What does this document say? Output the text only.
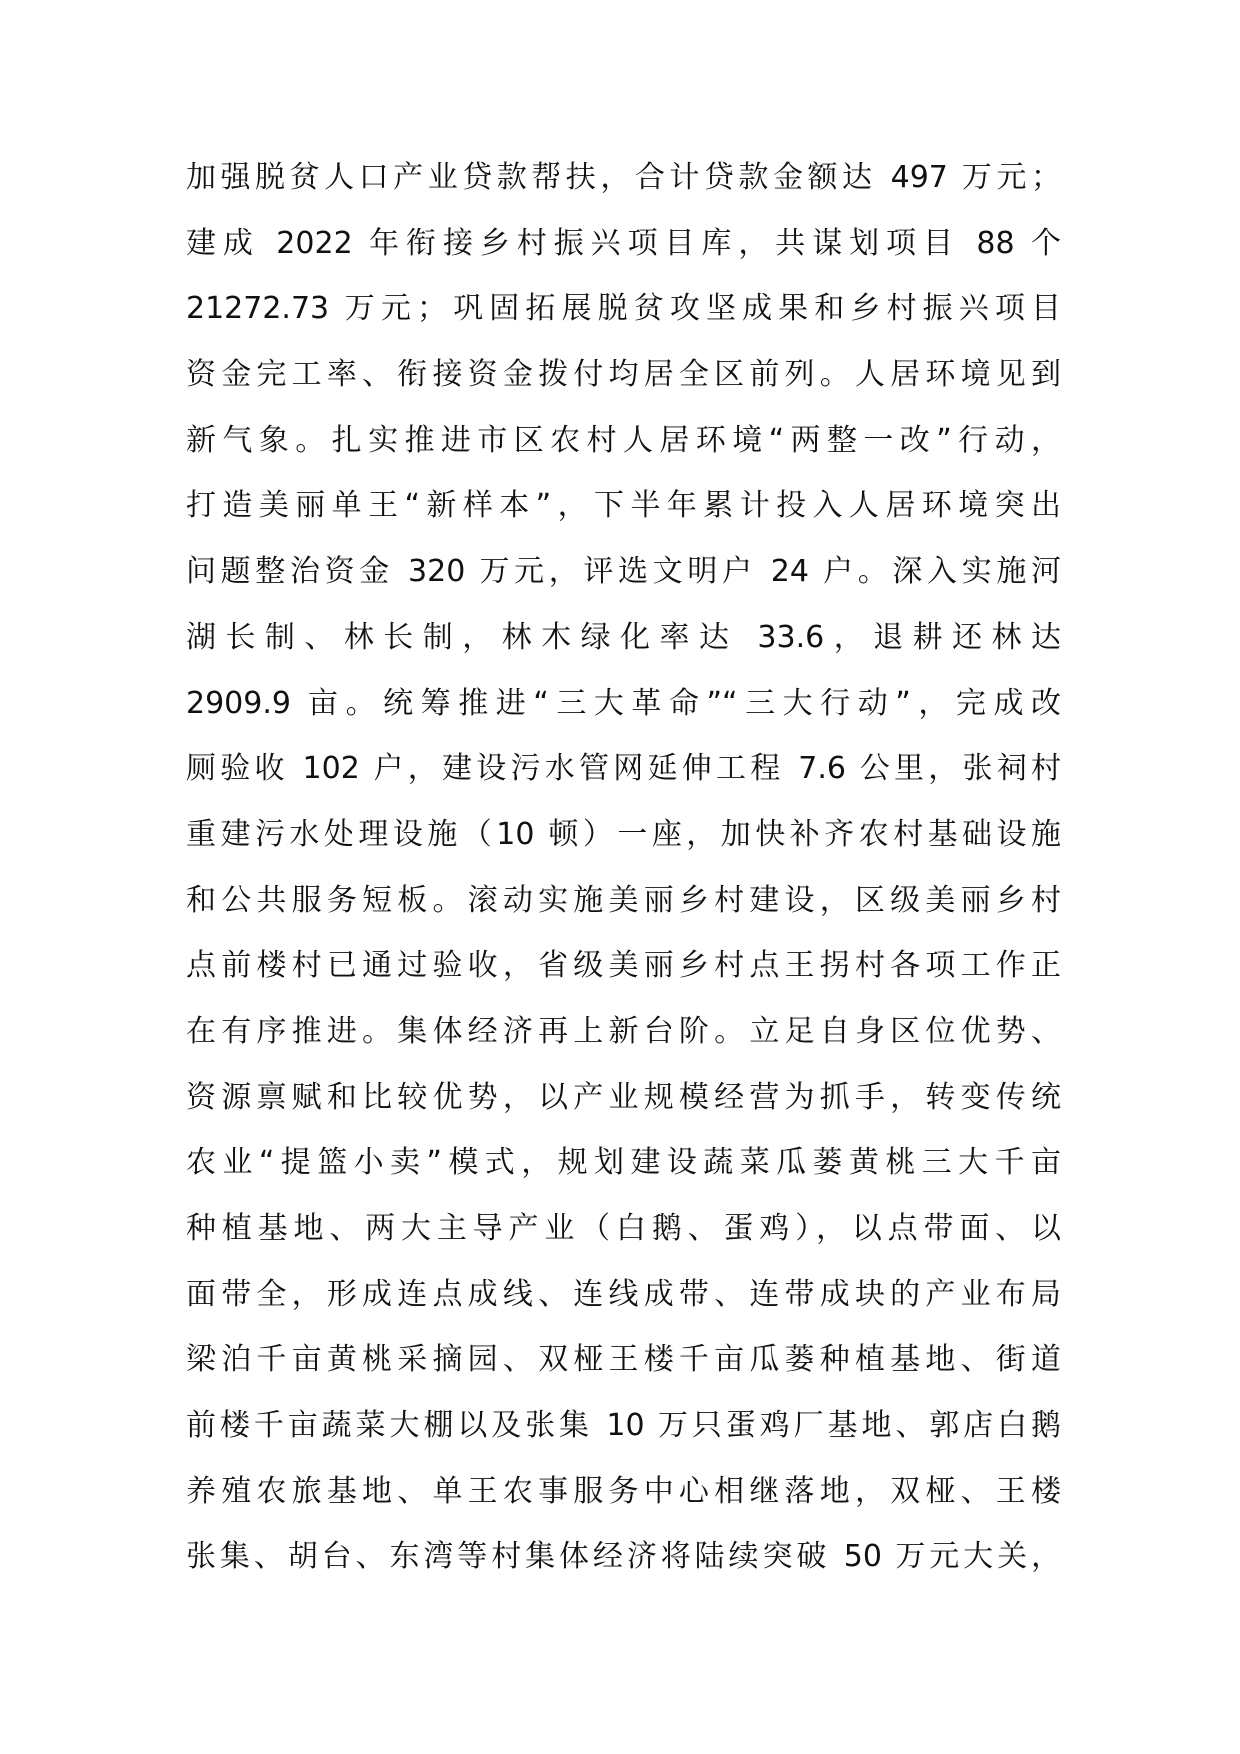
加强脱贫人口产业贷款帮扶，合计贷款金额达 497 万元；
建成 2022 年衔接乡村振兴项目库，共谋划项目 88 个
21272.73 万元；巩固拓展脱贫攻坚成果和乡村振兴项目
资金完工率、衔接资金拨付均居全区前列。人居环境见到
新气象。扎实推进市区农村人居环境“两整一改”行动，
打造美丽单王“新样本”，下半年累计投入人居环境突出
问题整治资金 320 万元，评选文明户 24 户。深入实施河
湖长制、林长制，林木绿化率达 33.6，退耕还林达
2909.9 亩。统筹推进“三大革命”“三大行动”，完成改
厕验收 102 户，建设污水管网延伸工程 7.6 公里，张祠村
重建污水处理设施（10 顿）一座，加快补齐农村基础设施
和公共服务短板。滚动实施美丽乡村建设，区级美丽乡村
点前楼村已通过验收，省级美丽乡村点王拐村各项工作正
在有序推进。集体经济再上新台阶。立足自身区位优势、
资源禀赋和比较优势，以产业规模经营为抓手，转变传统
农业“提篮小卖”模式，规划建设蔬菜瓜蒌黄桃三大千亩
种植基地、两大主导产业（白鹅、蛋鸡），以点带面、以
面带全，形成连点成线、连线成带、连带成块的产业布局
梁泊千亩黄桃采摘园、双桠王楼千亩瓜蒌种植基地、街道
前楼千亩蔬菜大棚以及张集 10 万只蛋鸡厂基地、郭店白鹅
养殖农旅基地、单王农事服务中心相继落地，双桠、王楼
张集、胡台、东湾等村集体经济将陆续突破 50 万元大关，
